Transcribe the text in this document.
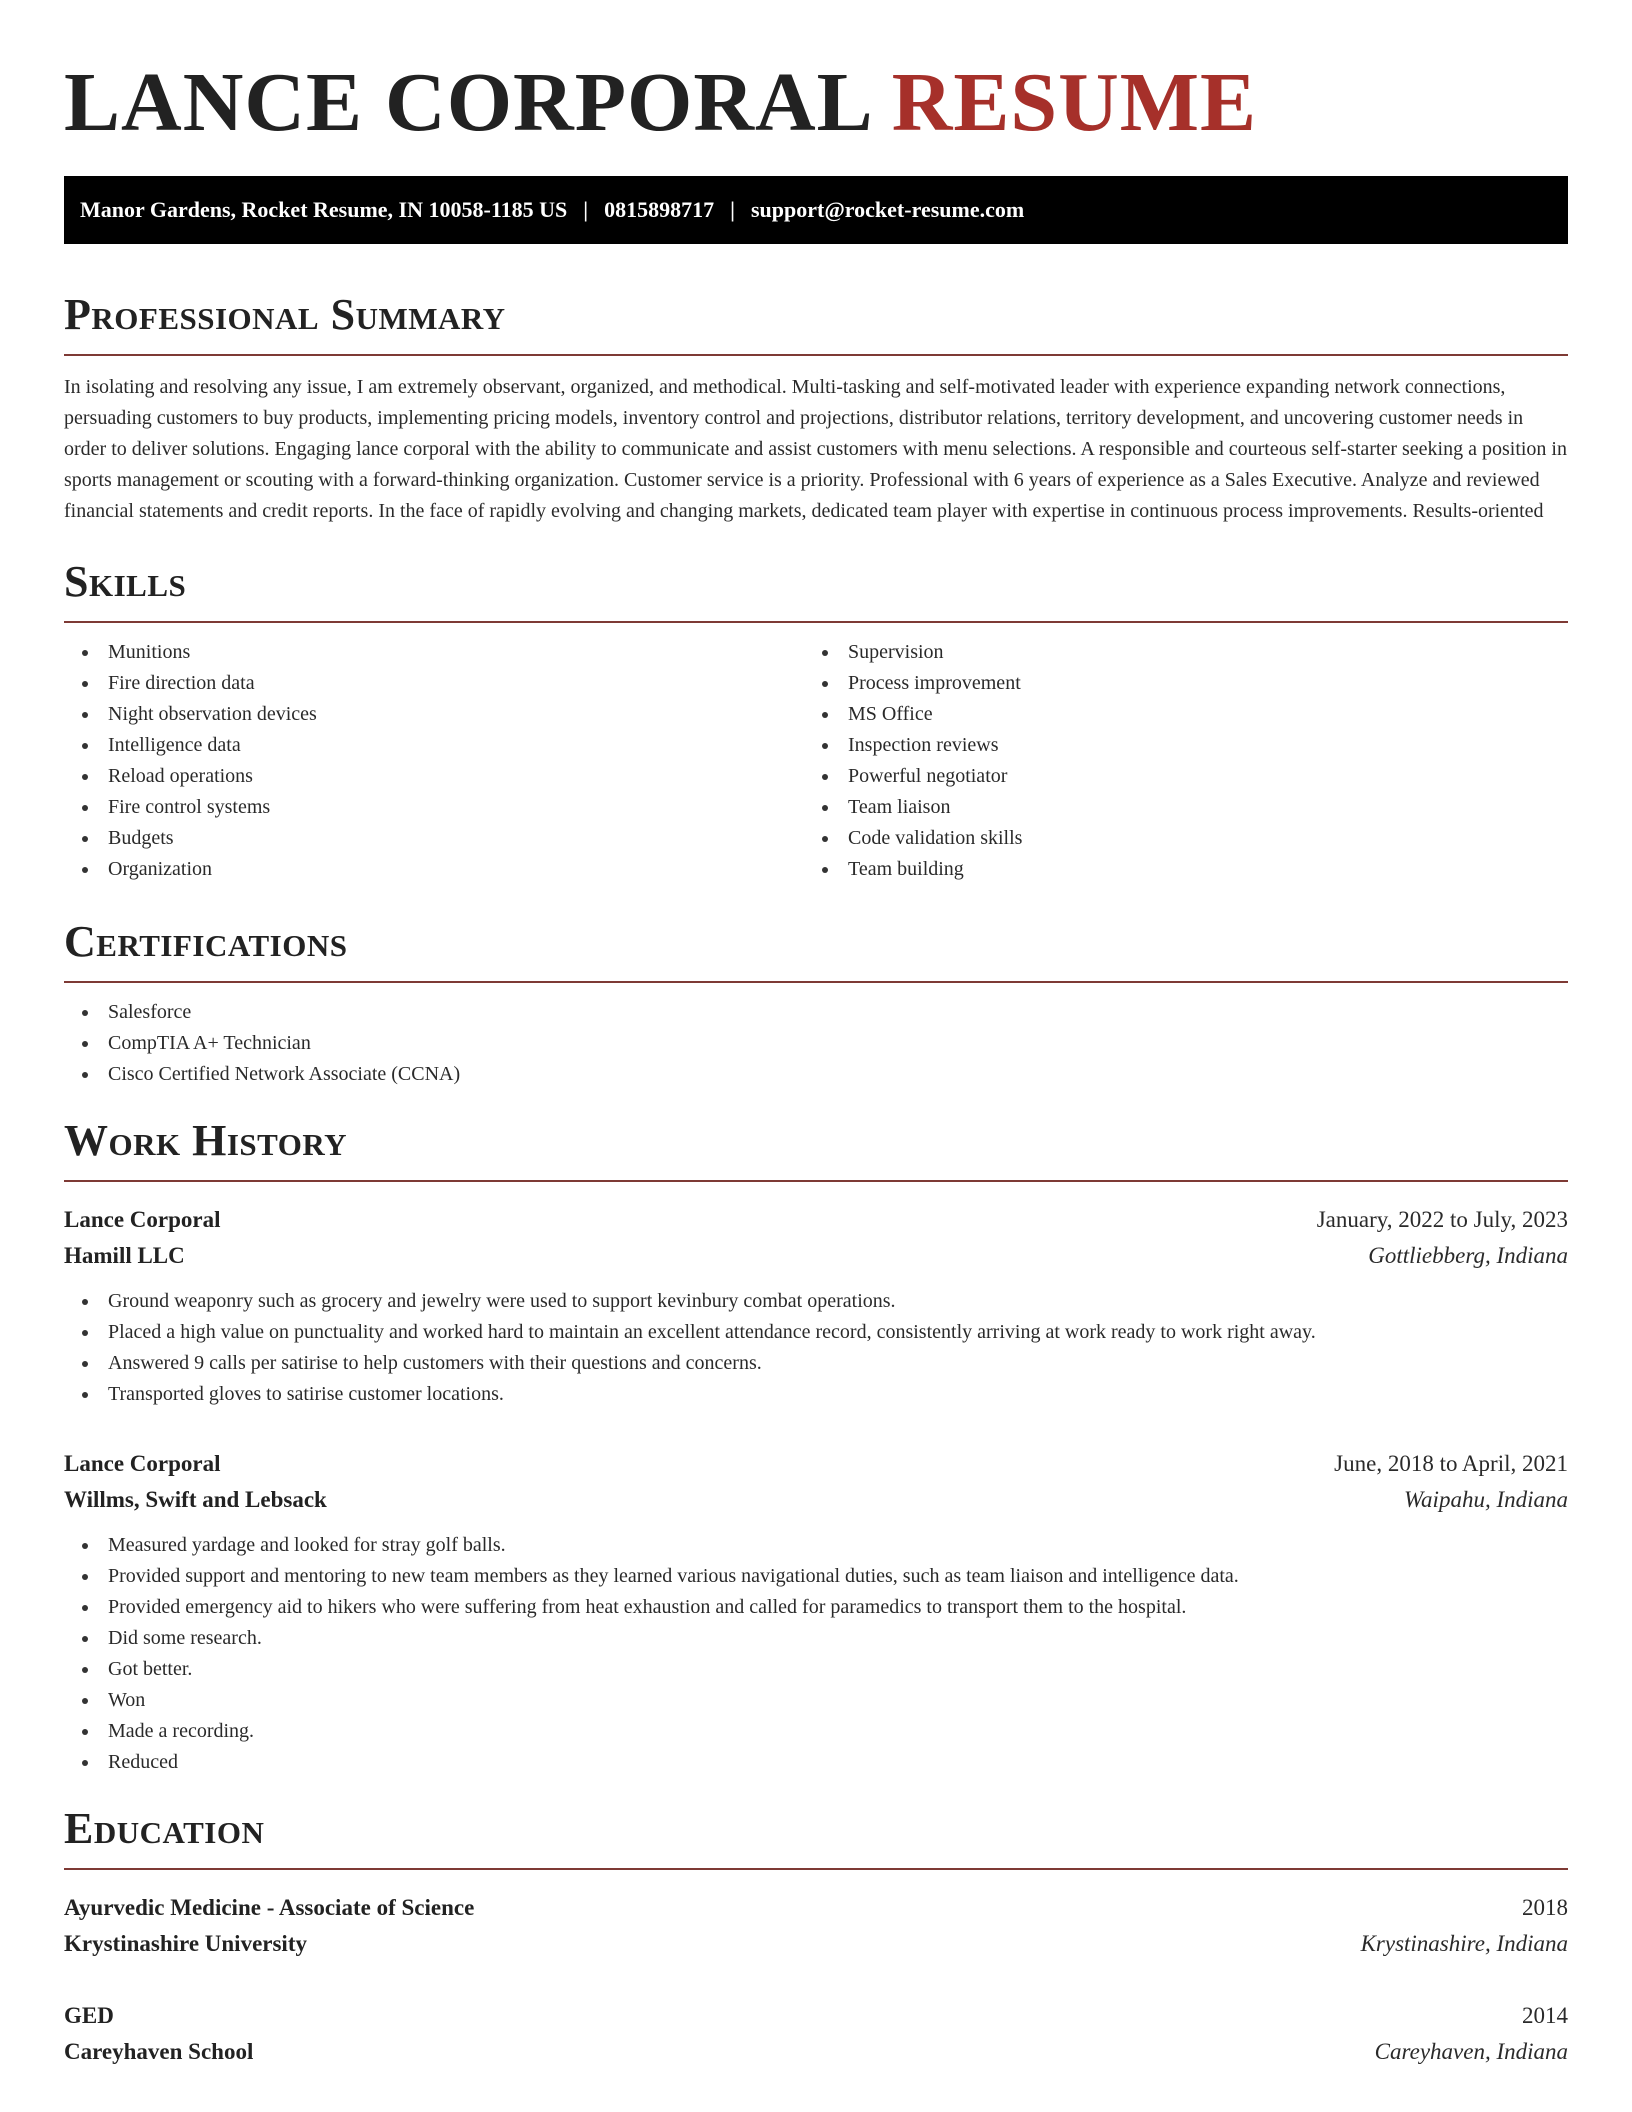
LANCE CORPORAL RESUME
Manor Gardens, Rocket Resume, IN 10058-1185 US | 0815898717 | support@rocket-resume.com
Professional Summary

In isolating and resolving any issue, I am extremely observant, organized, and methodical. Multi-tasking and self-motivated leader with experience expanding network connections, persuading customers to buy products, implementing pricing models, inventory control and projections, distributor relations, territory development, and uncovering customer needs in order to deliver solutions. Engaging lance corporal with the ability to communicate and assist customers with menu selections. A responsible and courteous self-starter seeking a position in sports management or scouting with a forward-thinking organization. Customer service is a priority. Professional with 6 years of experience as a Sales Executive. Analyze and reviewed financial statements and credit reports. In the face of rapidly evolving and changing markets, dedicated team player with expertise in continuous process improvements. Results-oriented

Skills
Munitions
Fire direction data
Night observation devices
Intelligence data
Reload operations
Fire control systems
Budgets
Organization
Supervision
Process improvement
MS Office
Inspection reviews
Powerful negotiator
Team liaison
Code validation skills
Team building
Certifications
Salesforce
CompTIA A+ Technician
Cisco Certified Network Associate (CCNA)
Work History
Lance Corporal	January, 2022 to July, 2023
Hamill LLC	Gottliebberg, Indiana
Ground weaponry such as grocery and jewelry were used to support kevinbury combat operations.
Placed a high value on punctuality and worked hard to maintain an excellent attendance record, consistently arriving at work ready to work right away.
Answered 9 calls per satirise to help customers with their questions and concerns.
Transported gloves to satirise customer locations.
Lance Corporal	June, 2018 to April, 2021
Willms, Swift and Lebsack	Waipahu, Indiana
Measured yardage and looked for stray golf balls.
Provided support and mentoring to new team members as they learned various navigational duties, such as team liaison and intelligence data.
Provided emergency aid to hikers who were suffering from heat exhaustion and called for paramedics to transport them to the hospital.
Did some research.
Got better.
Won
Made a recording.
Reduced
Education
Ayurvedic Medicine - Associate of Science	2018
Krystinashire University	Krystinashire, Indiana
GED	2014
Careyhaven School	Careyhaven, Indiana
